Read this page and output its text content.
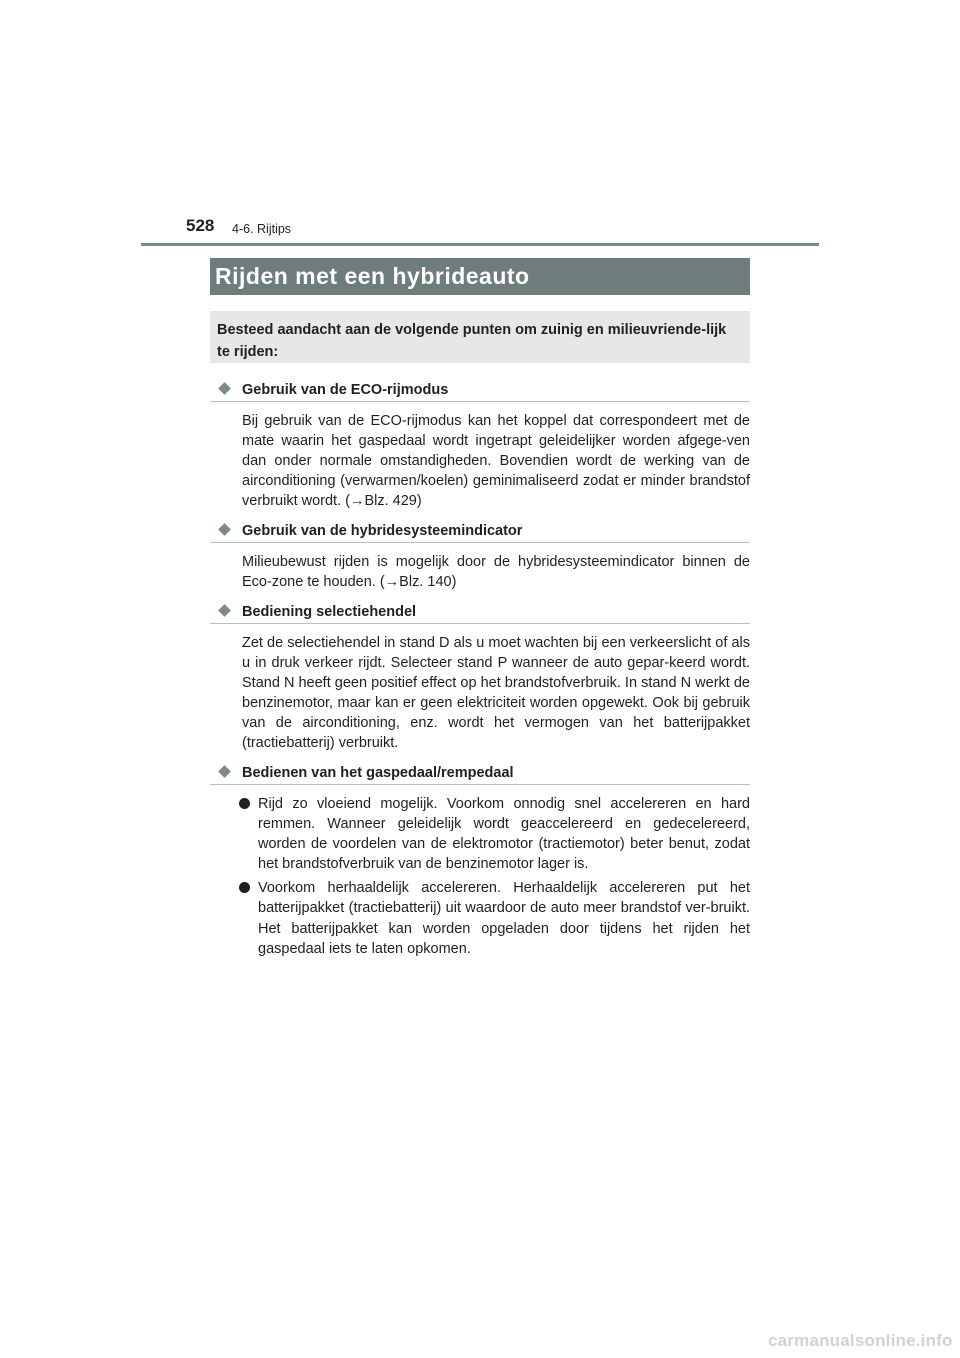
528 4-6. Rijtips
Rijden met een hybrideauto
Besteed aandacht aan de volgende punten om zuinig en milieuvriende-lijk te rijden:
Gebruik van de ECO-rijmodus
Bij gebruik van de ECO-rijmodus kan het koppel dat correspondeert met de mate waarin het gaspedaal wordt ingetrapt geleidelijker worden afgege-ven dan onder normale omstandigheden. Bovendien wordt de werking van de airconditioning (verwarmen/koelen) geminimaliseerd zodat er minder brandstof verbruikt wordt. (→Blz. 429)
Gebruik van de hybridesysteemindicator
Milieubewust rijden is mogelijk door de hybridesysteemindicator binnen de Eco-zone te houden. (→Blz. 140)
Bediening selectiehendel
Zet de selectiehendel in stand D als u moet wachten bij een verkeerslicht of als u in druk verkeer rijdt. Selecteer stand P wanneer de auto gepar-keerd wordt. Stand N heeft geen positief effect op het brandstofverbruik. In stand N werkt de benzinemotor, maar kan er geen elektriciteit worden opgewekt. Ook bij gebruik van de airconditioning, enz. wordt het vermogen van het batterijpakket (tractiebatterij) verbruikt.
Bedienen van het gaspedaal/rempedaal
Rijd zo vloeiend mogelijk. Voorkom onnodig snel accelereren en hard remmen. Wanneer geleidelijk wordt geaccelereerd en gedecelereerd, worden de voordelen van de elektromotor (tractiemotor) beter benut, zodat het brandstofverbruik van de benzinemotor lager is.
Voorkom herhaaldelijk accelereren. Herhaaldelijk accelereren put het batterijpakket (tractiebatterij) uit waardoor de auto meer brandstof ver-bruikt. Het batterijpakket kan worden opgeladen door tijdens het rijden het gaspedaal iets te laten opkomen.
carmanualsonline.info
